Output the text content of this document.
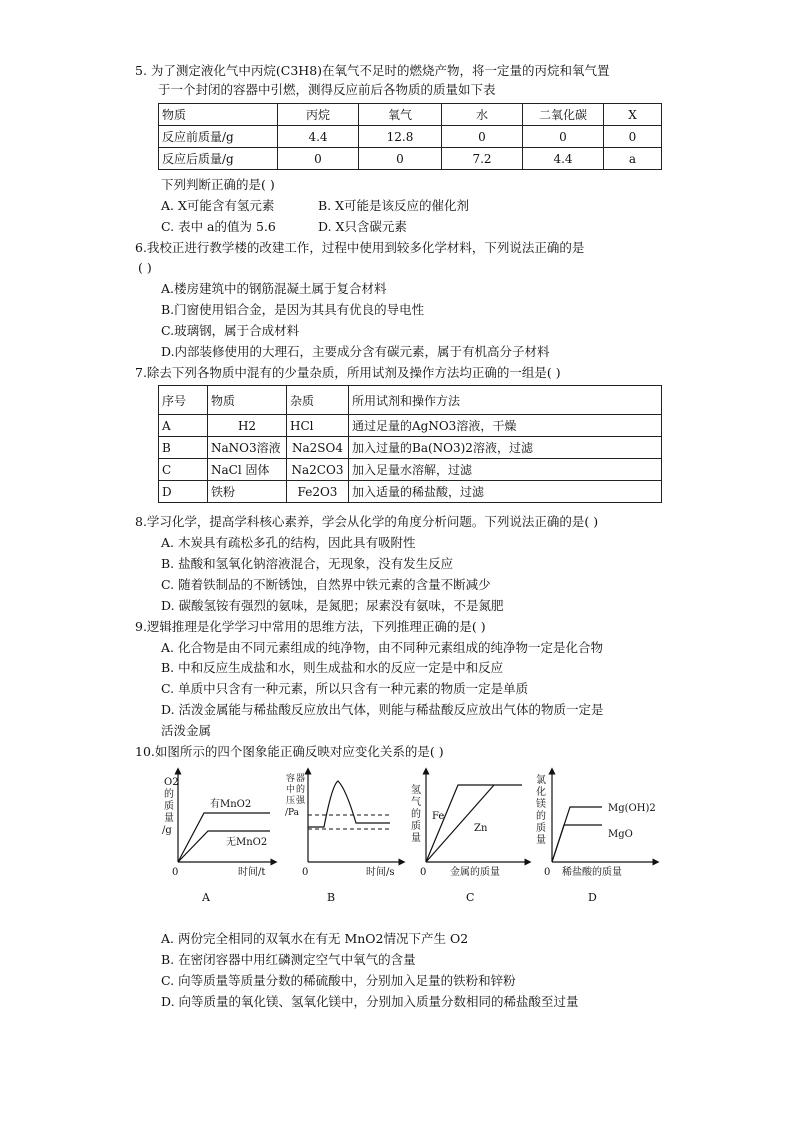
5. 为了测定液化气中丙烷(C3H8)在氧气不足时的燃烧产物，将一定量的丙烷和氧气置
于一个封闭的容器中引燃，测得反应前后各物质的质量如下表
物质	丙烷	氧气	水	二氧化碳	X
反应前质量/g	4.4	12.8	0	0	0
反应后质量/g	0	0	7.2	4.4	a
下列判断正确的是( )
A. X可能含有氢元素	B. X可能是该反应的催化剂
C. 表中 a的值为 5.6	D. X只含碳元素
6.我校正进行教学楼的改建工作，过程中使用到较多化学材料，下列说法正确的是
( )
A.楼房建筑中的钢筋混凝土属于复合材料
B.门窗使用铝合金，是因为其具有优良的导电性
C.玻璃钢，属于合成材料
D.内部装修使用的大理石，主要成分含有碳元素，属于有机高分子材料
7.除去下列各物质中混有的少量杂质，所用试剂及操作方法均正确的一组是( )
序号	物质	杂质	所用试剂和操作方法
A	H2	HCl	通过足量的AgNO3溶液，干燥
B	NaNO3溶液	Na2SO4	加入过量的Ba(NO3)2溶液，过滤
C	NaCl 固体	Na2CO3	加入足量水溶解，过滤
D	铁粉	Fe2O3	加入适量的稀盐酸，过滤
8.学习化学，提高学科核心素养，学会从化学的角度分析问题。下列说法正确的是( )
A. 木炭具有疏松多孔的结构，因此具有吸附性
B. 盐酸和氢氧化钠溶液混合，无现象，没有发生反应
C. 随着铁制品的不断锈蚀，自然界中铁元素的含量不断减少
D. 碳酸氢铵有强烈的氨味，是氮肥；尿素没有氨味，不是氮肥
9.逻辑推理是化学学习中常用的思维方法，下列推理正确的是( )
A. 化合物是由不同元素组成的纯净物，由不同种元素组成的纯净物一定是化合物
B. 中和反应生成盐和水，则生成盐和水的反应一定是中和反应
C. 单质中只含有一种元素，所以只含有一种元素的物质一定是单质
D. 活泼金属能与稀盐酸反应放出气体，则能与稀盐酸反应放出气体的物质一定是
活泼金属
10.如图所示的四个图象能正确反映对应变化关系的是( )
O2
的
质
量
/g
有MnO2
无MnO2
0	时间/t
A
容 器
中 的
压 强
/Pa
0	时间/s
B
氢
气
的
质
量
Fe
Zn
0 金属的质量
C
氯
化
镁
的
质
量
Mg(OH)2
MgO
0 稀盐酸的质量
D
A. 两份完全相同的双氧水在有无 MnO2情况下产生 O2
B. 在密闭容器中用红磷测定空气中氧气的含量
C. 向等质量等质量分数的稀硫酸中，分别加入足量的铁粉和锌粉
D. 向等质量的氧化镁、氢氧化镁中，分别加入质量分数相同的稀盐酸至过量
